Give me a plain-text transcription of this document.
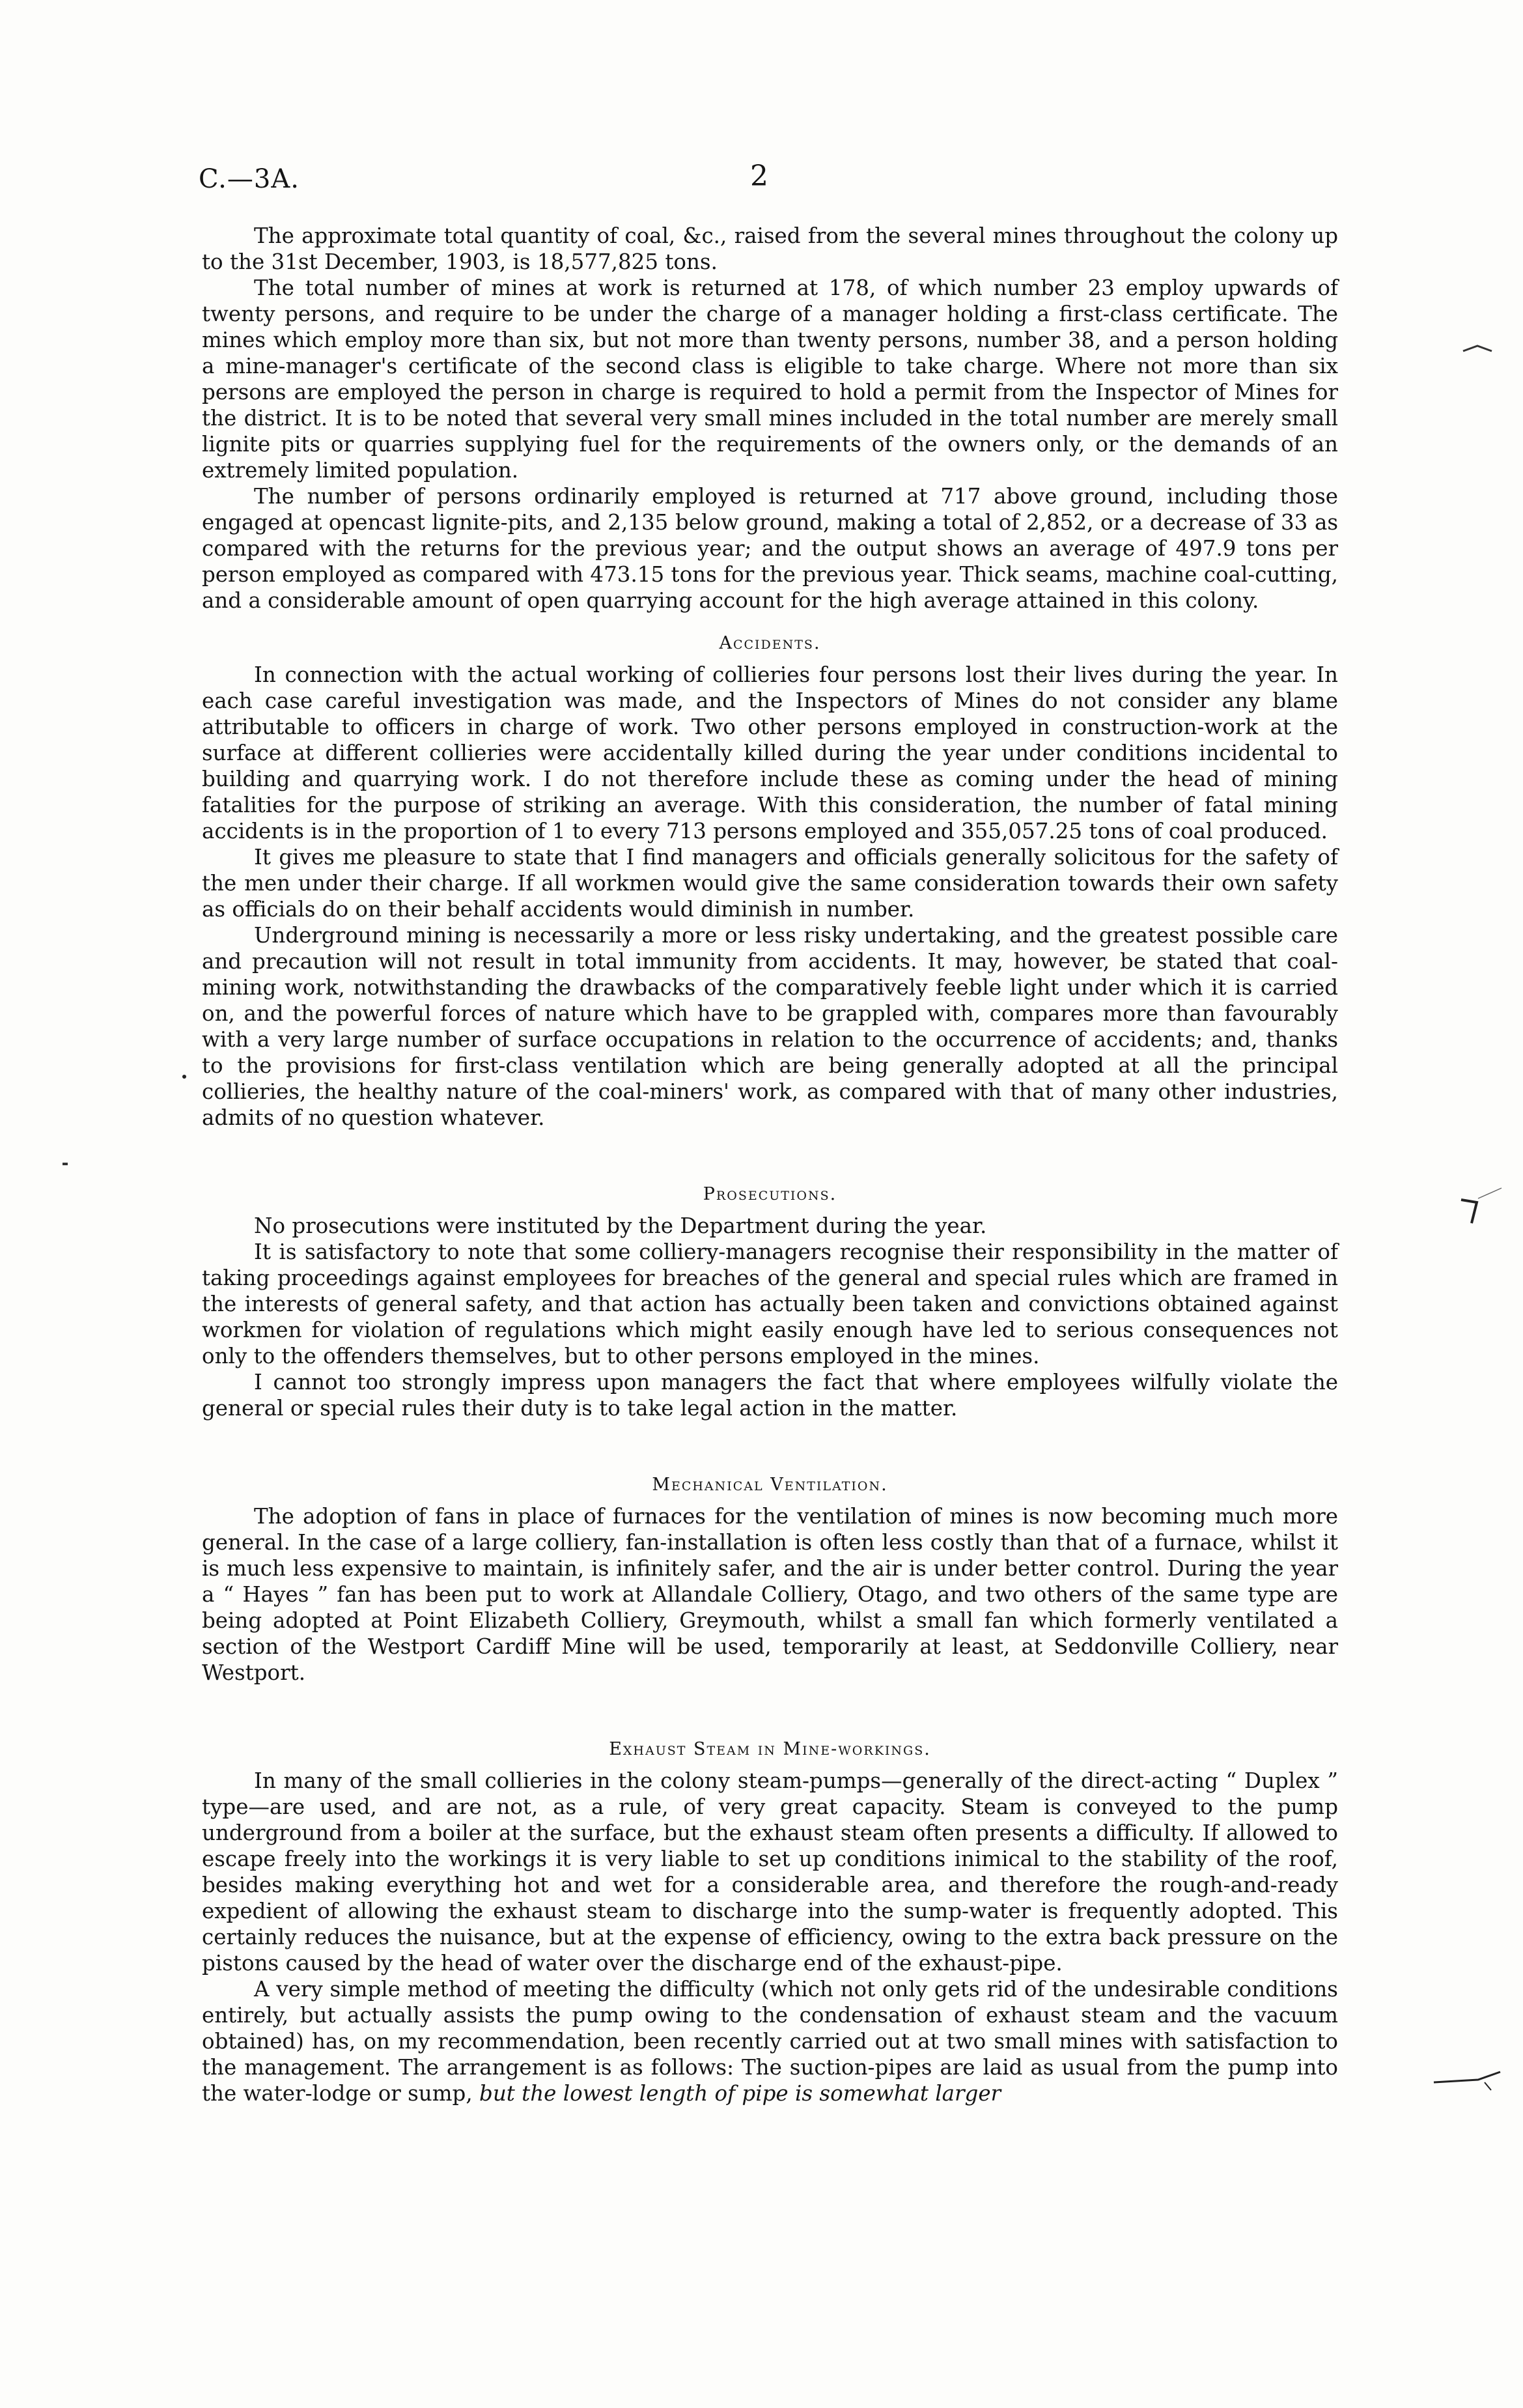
C.—3A.	2

The approximate total quantity of coal, &c., raised from the several mines throughout the colony up to the 31st December, 1903, is 18,577,825 tons.

The total number of mines at work is returned at 178, of which number 23 employ upwards of twenty persons, and require to be under the charge of a manager holding a first-class certificate. The mines which employ more than six, but not more than twenty persons, number 38, and a person holding a mine-manager's certificate of the second class is eligible to take charge. Where not more than six persons are employed the person in charge is required to hold a permit from the Inspector of Mines for the district. It is to be noted that several very small mines included in the total number are merely small lignite pits or quarries supplying fuel for the requirements of the owners only, or the demands of an extremely limited population.

The number of persons ordinarily employed is returned at 717 above ground, including those engaged at opencast lignite-pits, and 2,135 below ground, making a total of 2,852, or a decrease of 33 as compared with the returns for the previous year; and the output shows an average of 497.9 tons per person employed as compared with 473.15 tons for the previous year. Thick seams, machine coal-cutting, and a considerable amount of open quarrying account for the high average attained in this colony.

Accidents.

In connection with the actual working of collieries four persons lost their lives during the year. In each case careful investigation was made, and the Inspectors of Mines do not consider any blame attributable to officers in charge of work. Two other persons employed in construction-work at the surface at different collieries were accidentally killed during the year under conditions incidental to building and quarrying work. I do not therefore include these as coming under the head of mining fatalities for the purpose of striking an average. With this consideration, the number of fatal mining accidents is in the proportion of 1 to every 713 persons employed and 355,057.25 tons of coal produced.

It gives me pleasure to state that I find managers and officials generally solicitous for the safety of the men under their charge. If all workmen would give the same consideration towards their own safety as officials do on their behalf accidents would diminish in number.

Underground mining is necessarily a more or less risky undertaking, and the greatest possible care and precaution will not result in total immunity from accidents. It may, however, be stated that coal-mining work, notwithstanding the drawbacks of the comparatively feeble light under which it is carried on, and the powerful forces of nature which have to be grappled with, compares more than favourably with a very large number of surface occupations in relation to the occurrence of accidents; and, thanks to the provisions for first-class ventilation which are being generally adopted at all the principal collieries, the healthy nature of the coal-miners' work, as compared with that of many other industries, admits of no question whatever.

Prosecutions.

No prosecutions were instituted by the Department during the year.

It is satisfactory to note that some colliery-managers recognise their responsibility in the matter of taking proceedings against employees for breaches of the general and special rules which are framed in the interests of general safety, and that action has actually been taken and convictions obtained against workmen for violation of regulations which might easily enough have led to serious consequences not only to the offenders themselves, but to other persons employed in the mines.

I cannot too strongly impress upon managers the fact that where employees wilfully violate the general or special rules their duty is to take legal action in the matter.

Mechanical Ventilation.

The adoption of fans in place of furnaces for the ventilation of mines is now becoming much more general. In the case of a large colliery, fan-installation is often less costly than that of a furnace, whilst it is much less expensive to maintain, is infinitely safer, and the air is under better control. During the year a “ Hayes ” fan has been put to work at Allandale Colliery, Otago, and two others of the same type are being adopted at Point Elizabeth Colliery, Greymouth, whilst a small fan which formerly ventilated a section of the Westport Cardiff Mine will be used, temporarily at least, at Seddonville Colliery, near Westport.

Exhaust Steam in Mine-workings.

In many of the small collieries in the colony steam-pumps—generally of the direct-acting “ Duplex ” type—are used, and are not, as a rule, of very great capacity. Steam is conveyed to the pump underground from a boiler at the surface, but the exhaust steam often presents a difficulty. If allowed to escape freely into the workings it is very liable to set up conditions inimical to the stability of the roof, besides making everything hot and wet for a considerable area, and therefore the rough-and-ready expedient of allowing the exhaust steam to discharge into the sump-water is frequently adopted. This certainly reduces the nuisance, but at the expense of efficiency, owing to the extra back pressure on the pistons caused by the head of water over the discharge end of the exhaust-pipe.

A very simple method of meeting the difficulty (which not only gets rid of the undesirable conditions entirely, but actually assists the pump owing to the condensation of exhaust steam and the vacuum obtained) has, on my recommendation, been recently carried out at two small mines with satisfaction to the management. The arrangement is as follows: The suction-pipes are laid as usual from the pump into the water-lodge or sump, but the lowest length of pipe is somewhat larger
